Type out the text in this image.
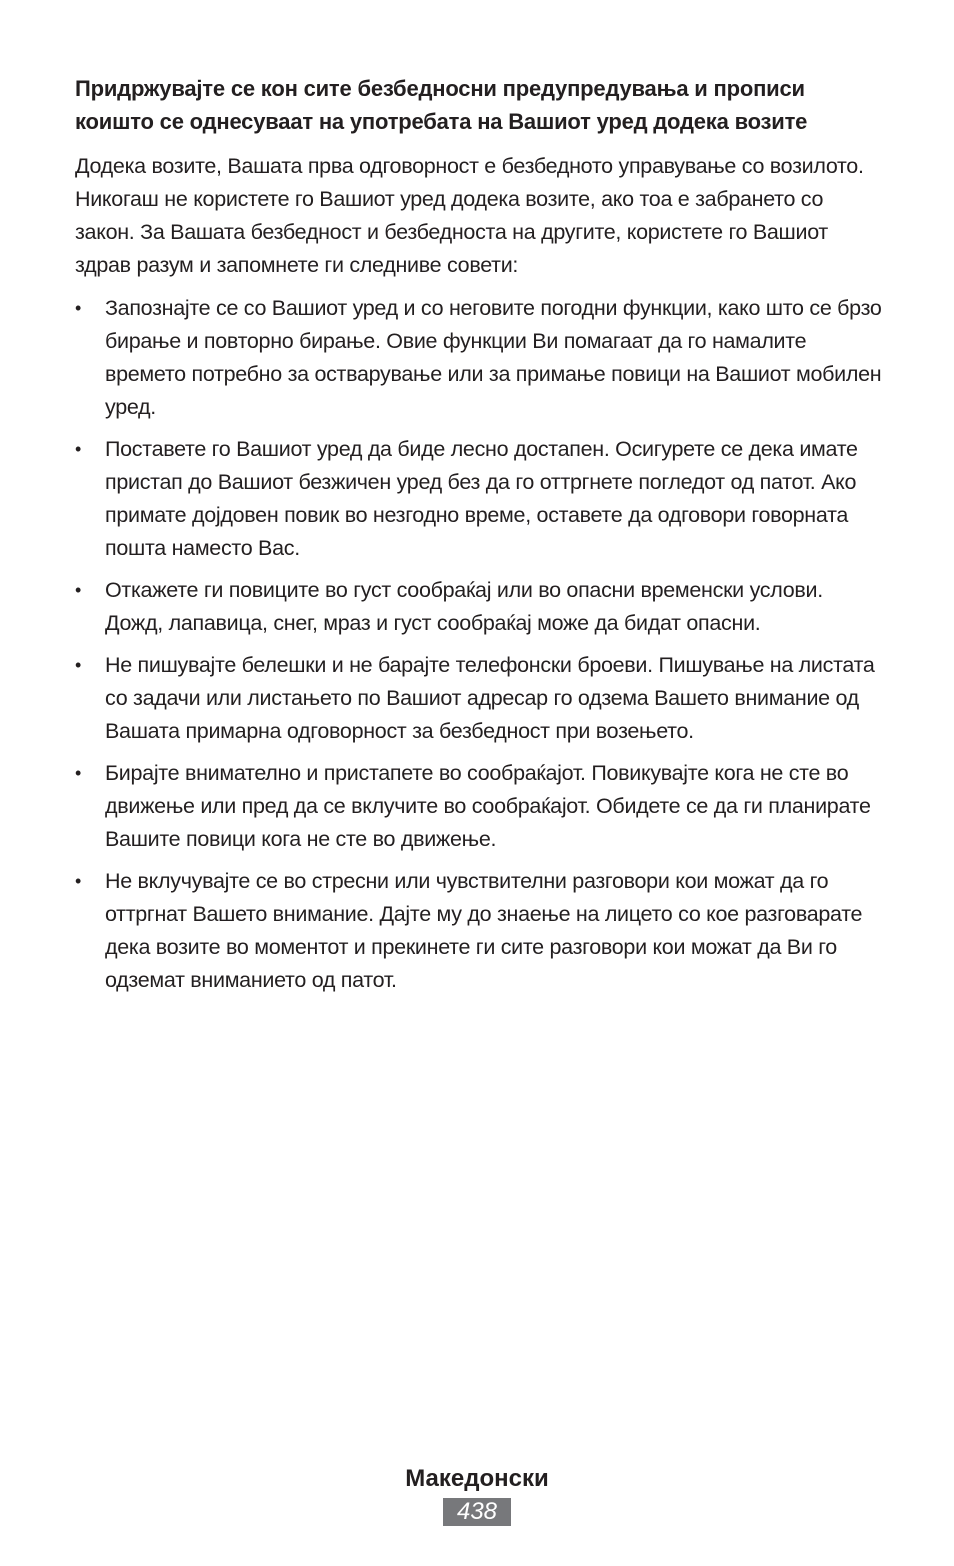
Придржувајте се кон сите безбедносни предупредувања и прописи коишто се однесуваат на употребата на Вашиот уред додека возите

Додека возите, Вашата прва одговорност е безбедното управување со возилото. Никогаш не користете го Вашиот уред додека возите, ако тоа е забрането со закон. За Вашата безбедност и безбедноста на другите, користете го Вашиот здрав разум и запомнете ги следниве совети:

• Запознајте се со Вашиот уред и со неговите погодни функции, како што се брзо бирање и повторно бирање. Овие функции Ви помагаат да го намалите времето потребно за остварување или за примање повици на Вашиот мобилен уред.
• Поставете го Вашиот уред да биде лесно достапен. Осигурете се дека имате пристап до Вашиот безжичен уред без да го оттргнете погледот од патот. Ако примате дојдовен повик во незгодно време, оставете да одговори говорната пошта наместо Вас.
• Откажете ги повиците во густ сообраќај или во опасни временски услови. Дожд, лапавица, снег, мраз и густ сообраќај може да бидат опасни.
• Не пишувајте белешки и не барајте телефонски броеви. Пишување на листата со задачи или листањето по Вашиот адресар го одзема Вашето внимание од Вашата примарна одговорност за безбедност при возењето.
• Бирајте внимателно и пристапете во сообраќајот. Повикувајте кога не сте во движење или пред да се вклучите во сообраќајот. Обидете се да ги планирате Вашите повици кога не сте во движење.
• Не вклучувајте се во стресни или чувствителни разговори кои можат да го оттргнат Вашето внимание. Дајте му до знаење на лицето со кое разговарате дека возите во моментот и прекинете ги сите разговори кои можат да Ви го одземат вниманието од патот.

Македонски

438
